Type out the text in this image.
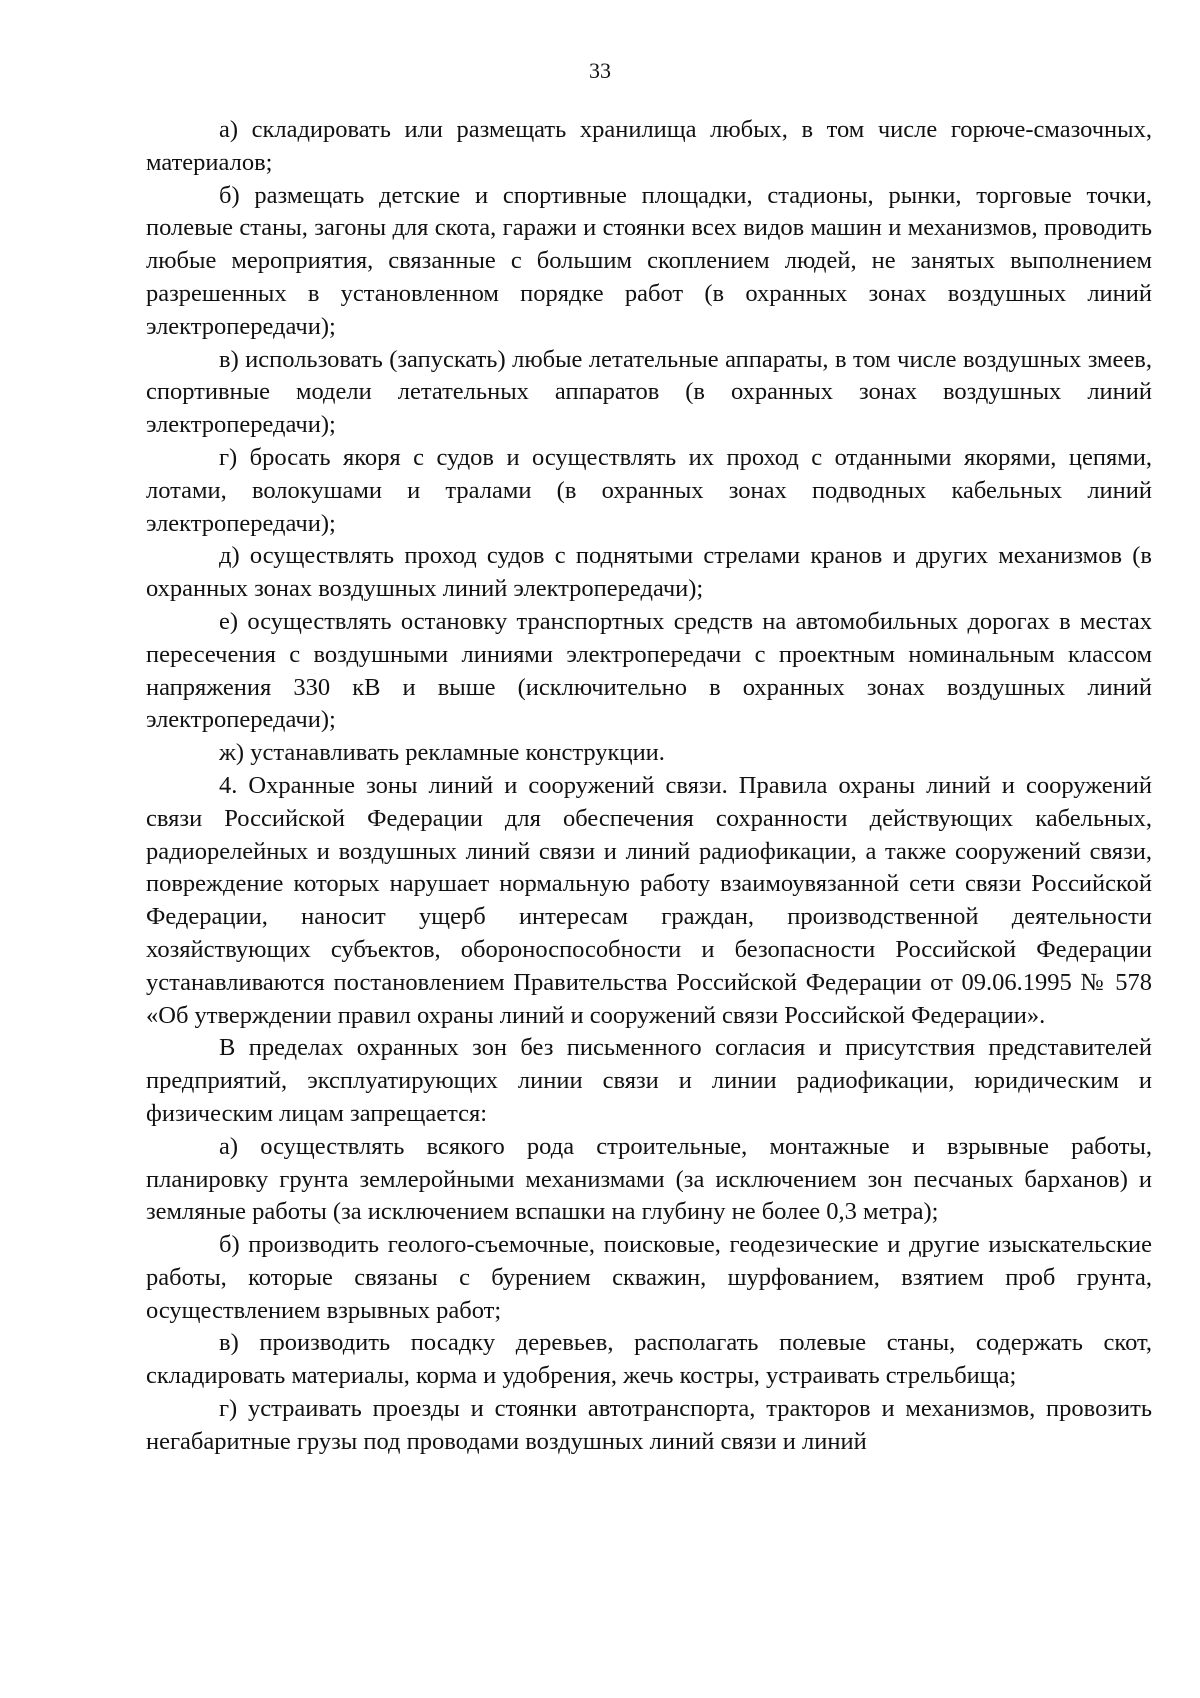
33

а) складировать или размещать хранилища любых, в том числе горюче-смазочных, материалов;

б) размещать детские и спортивные площадки, стадионы, рынки, торговые точки, полевые станы, загоны для скота, гаражи и стоянки всех видов машин и механизмов, проводить любые мероприятия, связанные с большим скоплением людей, не занятых выполнением разрешенных в установленном порядке работ (в охранных зонах воздушных линий электропередачи);

в) использовать (запускать) любые летательные аппараты, в том числе воздушных змеев, спортивные модели летательных аппаратов (в охранных зонах воздушных линий электропередачи);

г) бросать якоря с судов и осуществлять их проход с отданными якорями, цепями, лотами, волокушами и тралами (в охранных зонах подводных кабельных линий электропередачи);

д) осуществлять проход судов с поднятыми стрелами кранов и других механизмов (в охранных зонах воздушных линий электропередачи);

е) осуществлять остановку транспортных средств на автомобильных дорогах в местах пересечения с воздушными линиями электропередачи с проектным номинальным классом напряжения 330 кВ и выше (исключительно в охранных зонах воздушных линий электропередачи);

ж) устанавливать рекламные конструкции.

4. Охранные зоны линий и сооружений связи. Правила охраны линий и сооружений связи Российской Федерации для обеспечения сохранности действующих кабельных, радиорелейных и воздушных линий связи и линий радиофикации, а также сооружений связи, повреждение которых нарушает нормальную работу взаимоувязанной сети связи Российской Федерации, наносит ущерб интересам граждан, производственной деятельности хозяйствующих субъектов, обороноспособности и безопасности Российской Федерации устанавливаются постановлением Правительства Российской Федерации от 09.06.1995 № 578 «Об утверждении правил охраны линий и сооружений связи Российской Федерации».

В пределах охранных зон без письменного согласия и присутствия представителей предприятий, эксплуатирующих линии связи и линии радиофикации, юридическим и физическим лицам запрещается:

а) осуществлять всякого рода строительные, монтажные и взрывные работы, планировку грунта землеройными механизмами (за исключением зон песчаных барханов) и земляные работы (за исключением вспашки на глубину не более 0,3 метра);

б) производить геолого-съемочные, поисковые, геодезические и другие изыскательские работы, которые связаны с бурением скважин, шурфованием, взятием проб грунта, осуществлением взрывных работ;

в) производить посадку деревьев, располагать полевые станы, содержать скот, складировать материалы, корма и удобрения, жечь костры, устраивать стрельбища;

г) устраивать проезды и стоянки автотранспорта, тракторов и механизмов, провозить негабаритные грузы под проводами воздушных линий связи и линий
